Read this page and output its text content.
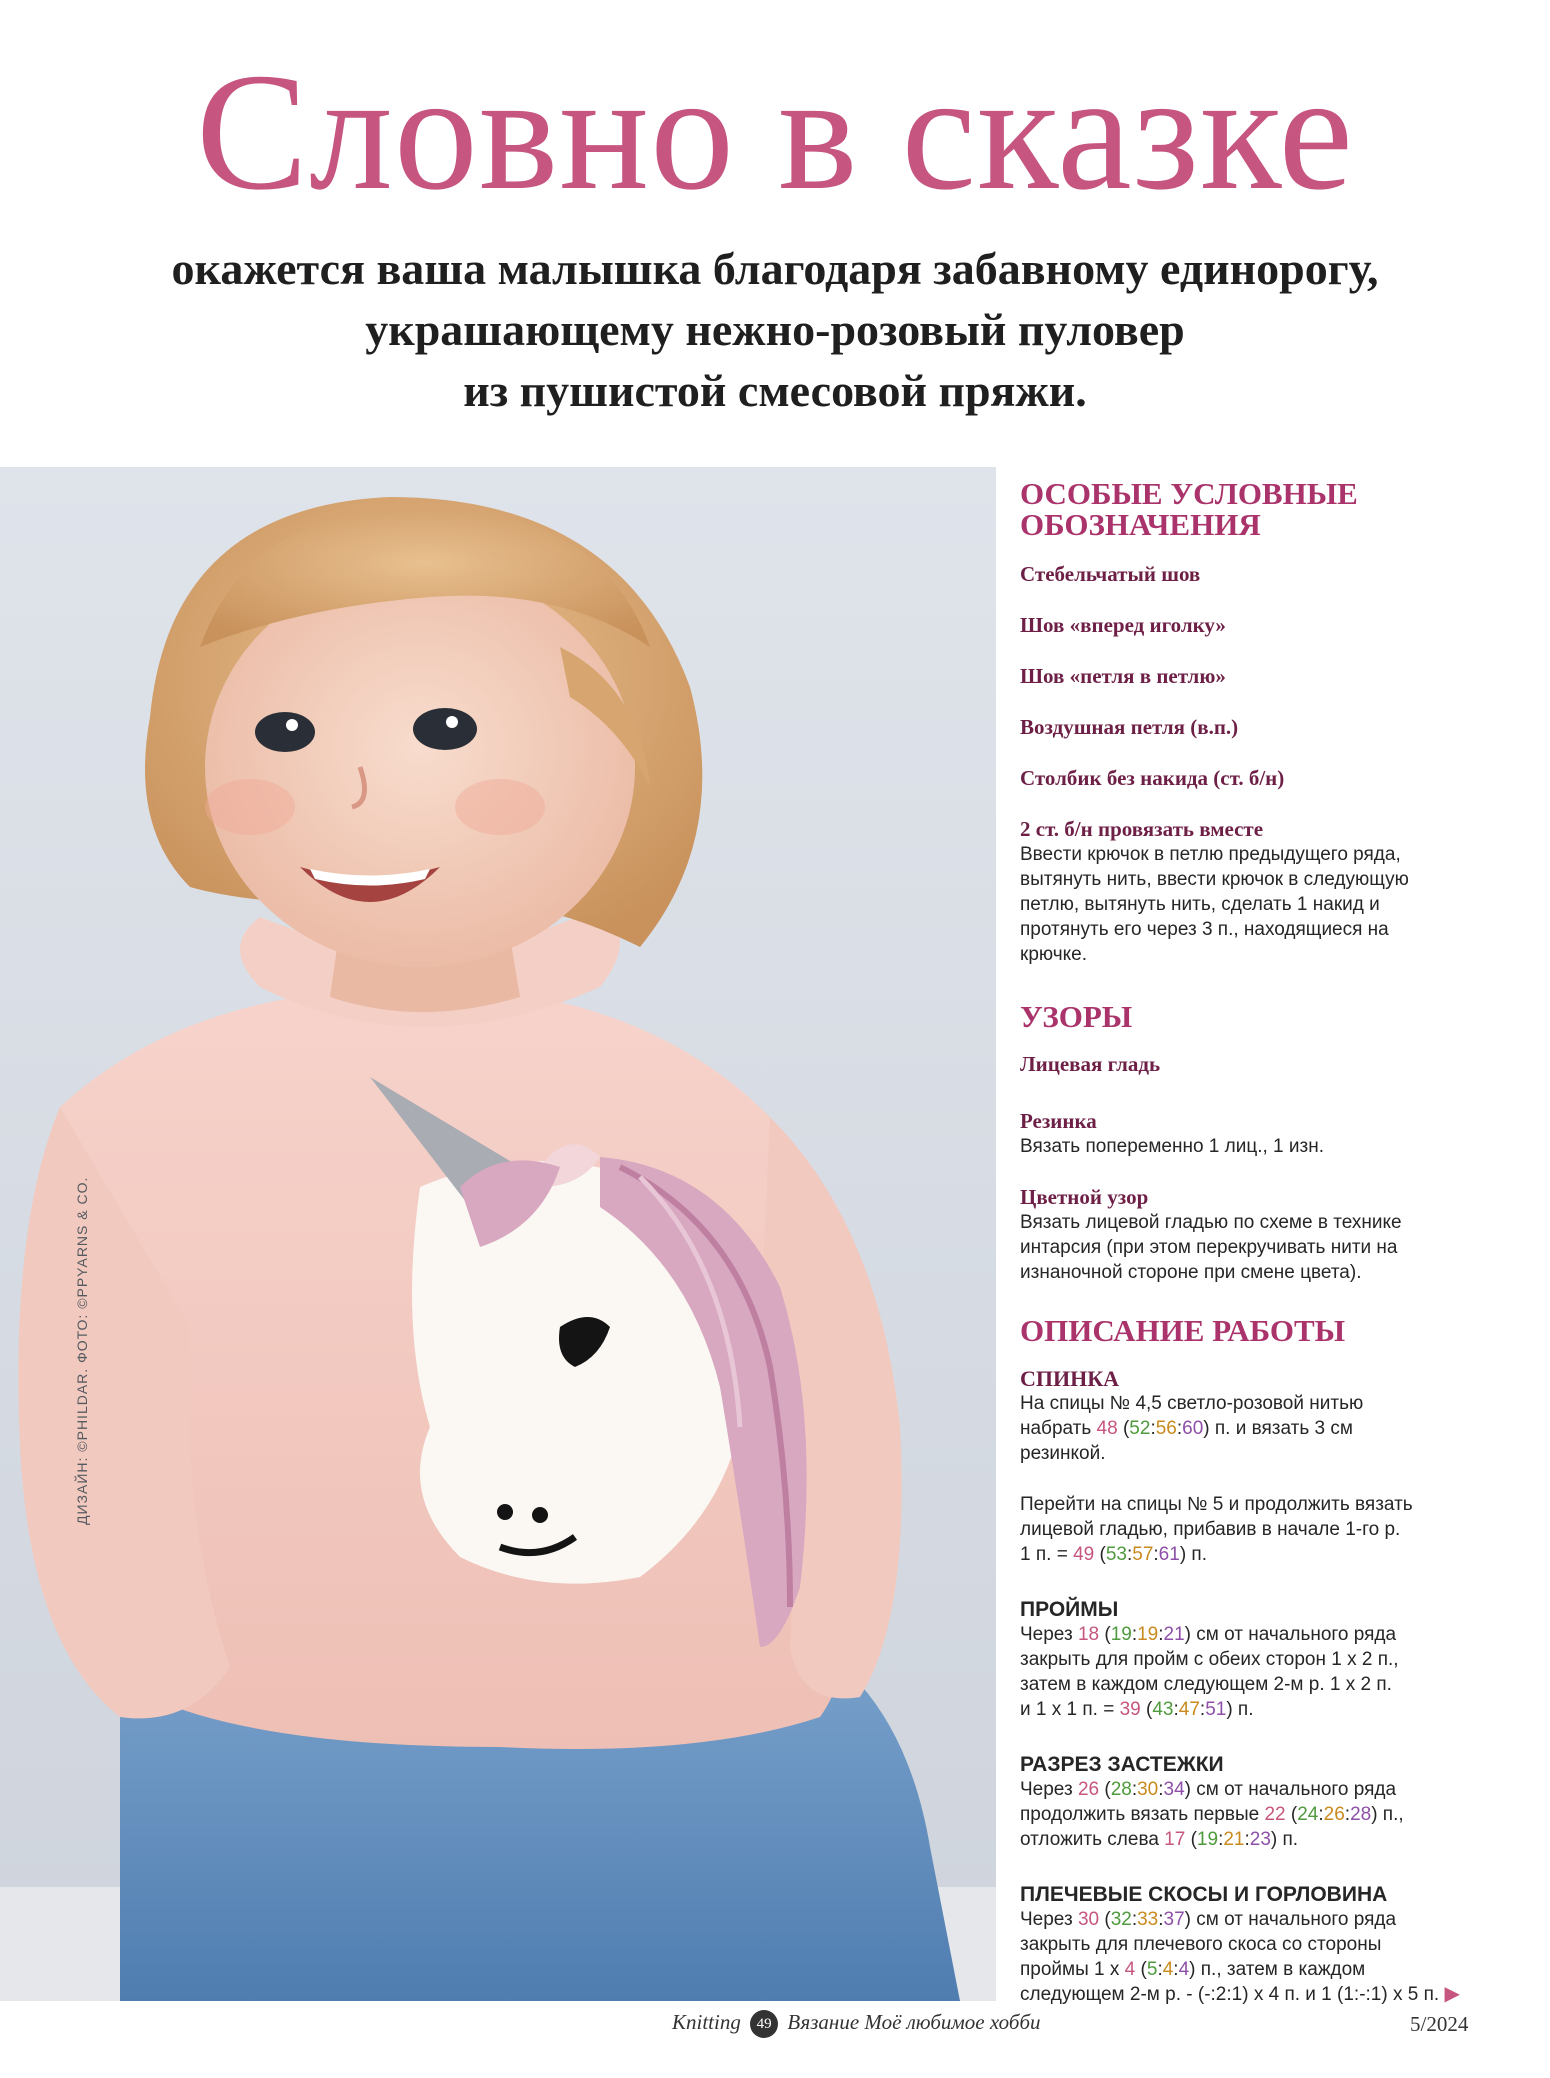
Словно в сказке
окажется ваша малышка благодаря забавному единорогу,
украшающему нежно-розовый пуловер
из пушистой смесовой пряжи.
ДИЗАЙН: ©PHILDAR. ФОТО: ©PPYARNS & CO.
ОСОБЫЕ УСЛОВНЫЕ
ОБОЗНАЧЕНИЯ
Стебельчатый шов
Шов «вперед иголку»
Шов «петля в петлю»
Воздушная петля (в.п.)
Столбик без накида (ст. б/н)
2 ст. б/н провязать вместе
Ввести крючок в петлю предыдущего ряда,
вытянуть нить, ввести крючок в следующую
петлю, вытянуть нить, сделать 1 накид и
протянуть его через 3 п., находящиеся на
крючке.
УЗОРЫ
Лицевая гладь
Резинка
Вязать попеременно 1 лиц., 1 изн.
Цветной узор
Вязать лицевой гладью по схеме в технике
интарсия (при этом перекручивать нити на
изнаночной стороне при смене цвета).
ОПИСАНИЕ РАБОТЫ
СПИНКА
На спицы № 4,5 светло-розовой нитью
набрать 48 (52:56:60) п. и вязать 3 см
резинкой.
Перейти на спицы № 5 и продолжить вязать
лицевой гладью, прибавив в начале 1-го р.
1 п. = 49 (53:57:61) п.
ПРОЙМЫ
Через 18 (19:19:21) см от начального ряда
закрыть для пройм с обеих сторон 1 х 2 п.,
затем в каждом следующем 2-м р. 1 х 2 п.
и 1 х 1 п. = 39 (43:47:51) п.
РАЗРЕЗ ЗАСТЕЖКИ
Через 26 (28:30:34) см от начального ряда
продолжить вязать первые 22 (24:26:28) п.,
отложить слева 17 (19:21:23) п.
ПЛЕЧЕВЫЕ СКОСЫ И ГОРЛОВИНА
Через 30 (32:33:37) см от начального ряда
закрыть для плечевого скоса со стороны
проймы 1 х 4 (5:4:4) п., затем в каждом
следующем 2-м р. - (-:2:1) х 4 п. и 1 (1:-:1) х 5 п. ▶
Knitting 49 Вязание Моё любимое хобби	5/2024
